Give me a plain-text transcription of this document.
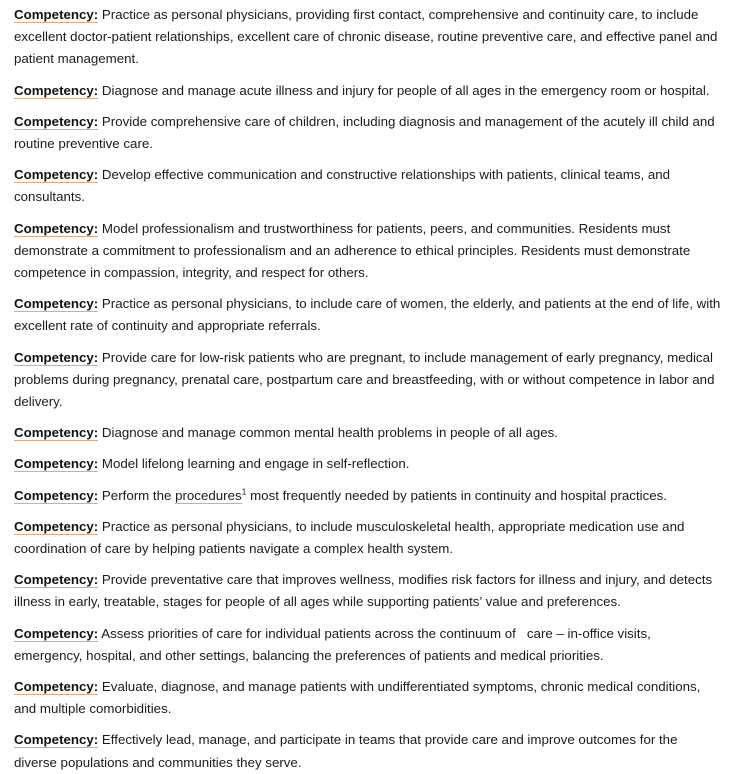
Competency: Practice as personal physicians, providing first contact, comprehensive and continuity care, to include excellent doctor-patient relationships, excellent care of chronic disease, routine preventive care, and effective panel and patient management.

Competency: Diagnose and manage acute illness and injury for people of all ages in the emergency room or hospital.

Competency: Provide comprehensive care of children, including diagnosis and management of the acutely ill child and routine preventive care.

Competency: Develop effective communication and constructive relationships with patients, clinical teams, and consultants.

Competency: Model professionalism and trustworthiness for patients, peers, and communities. Residents must demonstrate a commitment to professionalism and an adherence to ethical principles. Residents must demonstrate competence in compassion, integrity, and respect for others.

Competency: Practice as personal physicians, to include care of women, the elderly, and patients at the end of life, with excellent rate of continuity and appropriate referrals.

Competency: Provide care for low-risk patients who are pregnant, to include management of early pregnancy, medical problems during pregnancy, prenatal care, postpartum care and breastfeeding, with or without competence in labor and delivery.

Competency: Diagnose and manage common mental health problems in people of all ages.

Competency: Model lifelong learning and engage in self-reflection.

Competency: Perform the procedures$^1$ most frequently needed by patients in continuity and hospital practices.

Competency: Practice as personal physicians, to include musculoskeletal health, appropriate medication use and coordination of care by helping patients navigate a complex health system.

Competency: Provide preventative care that improves wellness, modifies risk factors for illness and injury, and detects illness in early, treatable, stages for people of all ages while supporting patients’ value and preferences.

Competency: Assess priorities of care for individual patients across the continuum of   care – in-office visits, emergency, hospital, and other settings, balancing the preferences of patients and medical priorities.

Competency: Evaluate, diagnose, and manage patients with undifferentiated symptoms, chronic medical conditions, and multiple comorbidities.

Competency: Effectively lead, manage, and participate in teams that provide care and improve outcomes for the diverse populations and communities they serve.
